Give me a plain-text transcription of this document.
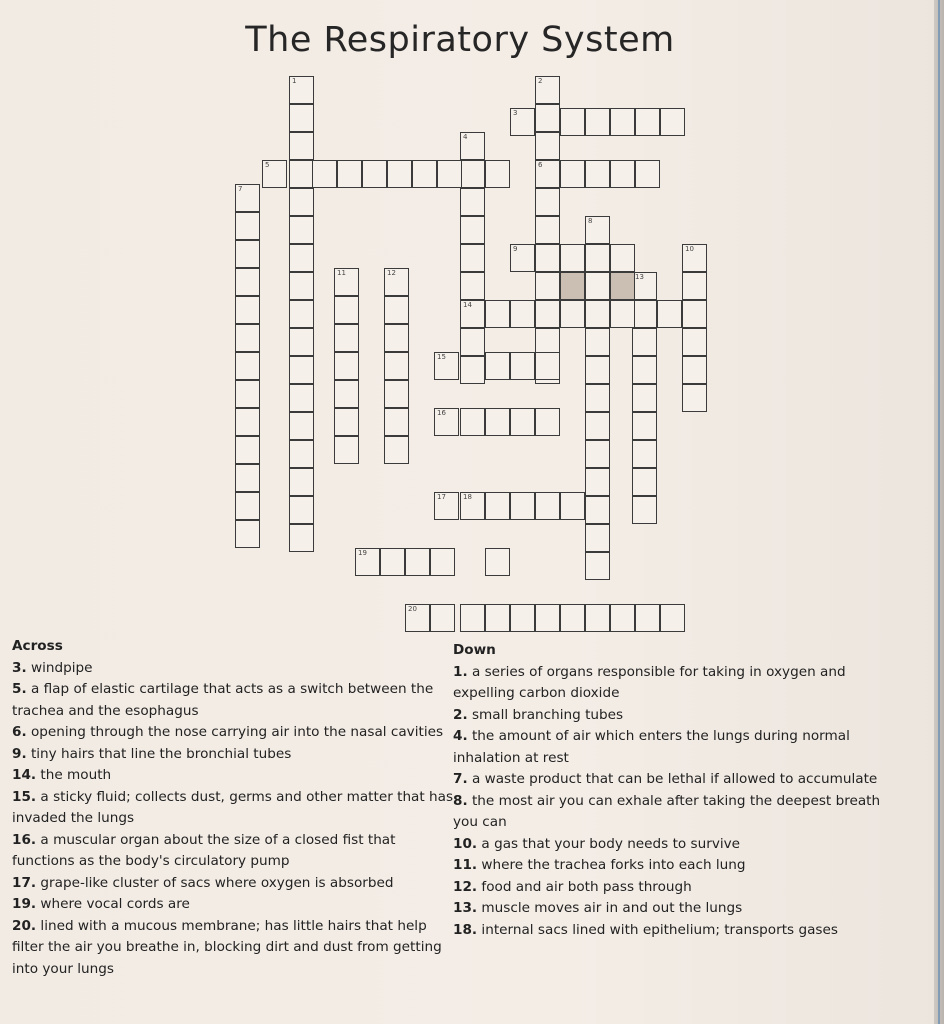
The Respiratory System
1	2
6
3
4
14
5
7
8
9	10
13
11	12
15
16
17
19
20
18
Across
3. windpipe
5. a flap of elastic cartilage that acts as a switch between the trachea and the esophagus
6. opening through the nose carrying air into the nasal cavities
9. tiny hairs that line the bronchial tubes
14. the mouth
15. a sticky fluid; collects dust, germs and other matter that has invaded the lungs
16. a muscular organ about the size of a closed fist that functions as the body's circulatory pump
17. grape-like cluster of sacs where oxygen is absorbed
19. where vocal cords are
20. lined with a mucous membrane; has little hairs that help filter the air you breathe in, blocking dirt and dust from getting into your lungs
Down
1. a series of organs responsible for taking in oxygen and expelling carbon dioxide
2. small branching tubes
4. the amount of air which enters the lungs during normal inhalation at rest
7. a waste product that can be lethal if allowed to accumulate
8. the most air you can exhale after taking the deepest breath you can
10. a gas that your body needs to survive
11. where the trachea forks into each lung
12. food and air both pass through
13. muscle moves air in and out the lungs
18. internal sacs lined with epithelium; transports gases
